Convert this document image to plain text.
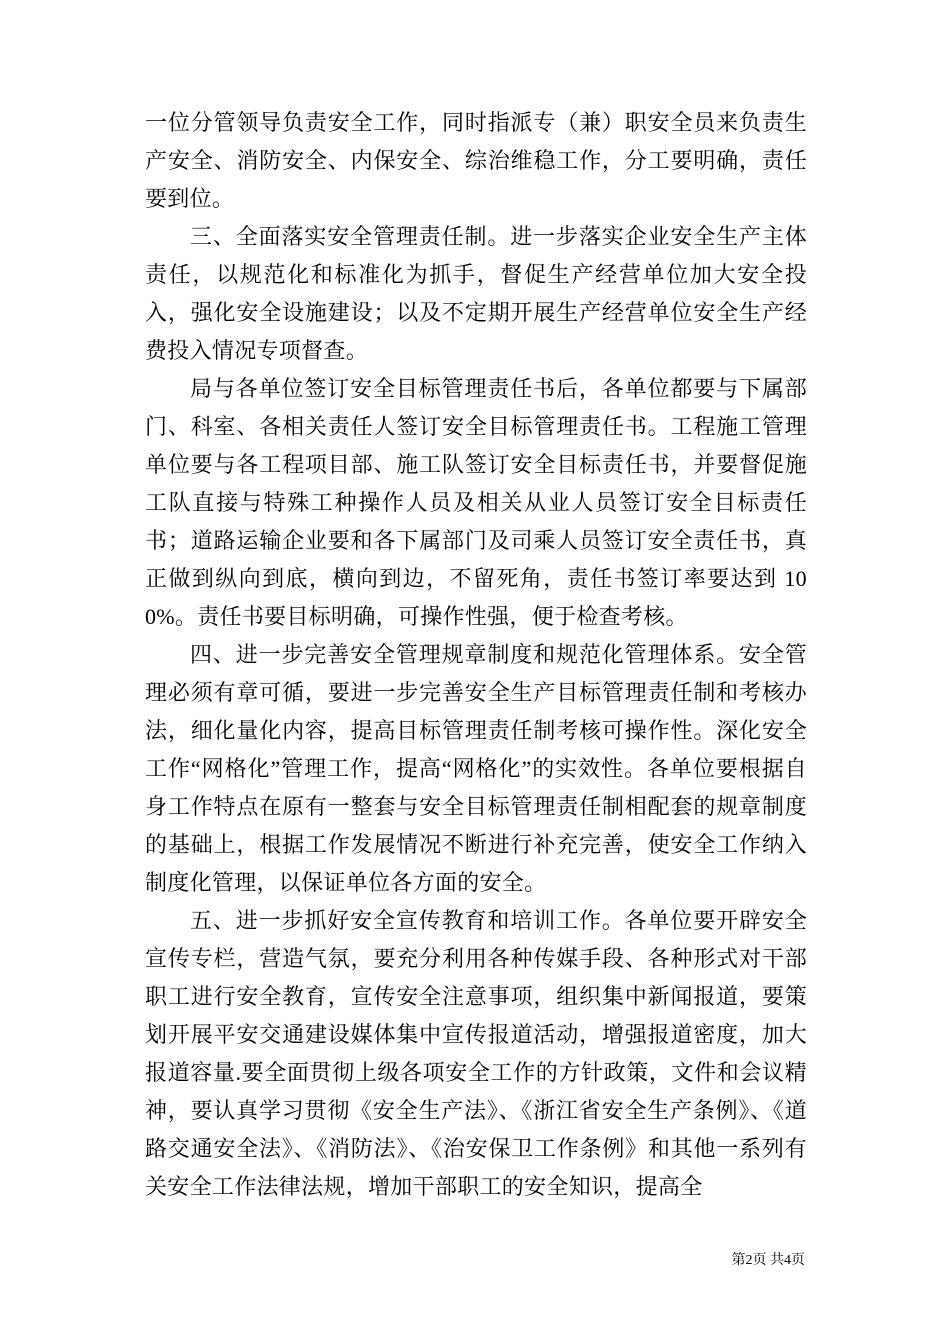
一位分管领导负责安全工作，同时指派专（兼）职安全员来负责生产安全、消防安全、内保安全、综治维稳工作，分工要明确，责任要到位。

三、全面落实安全管理责任制。进一步落实企业安全生产主体责任，以规范化和标准化为抓手，督促生产经营单位加大安全投入，强化安全设施建设；以及不定期开展生产经营单位安全生产经费投入情况专项督查。

局与各单位签订安全目标管理责任书后，各单位都要与下属部门、科室、各相关责任人签订安全目标管理责任书。工程施工管理单位要与各工程项目部、施工队签订安全目标责任书，并要督促施工队直接与特殊工种操作人员及相关从业人员签订安全目标责任书；道路运输企业要和各下属部门及司乘人员签订安全责任书，真正做到纵向到底，横向到边，不留死角，责任书签订率要达到 100%。责任书要目标明确，可操作性强，便于检查考核。

四、进一步完善安全管理规章制度和规范化管理体系。安全管理必须有章可循，要进一步完善安全生产目标管理责任制和考核办法，细化量化内容，提高目标管理责任制考核可操作性。深化安全工作“网格化”管理工作，提高“网格化”的实效性。各单位要根据自身工作特点在原有一整套与安全目标管理责任制相配套的规章制度的基础上，根据工作发展情况不断进行补充完善，使安全工作纳入制度化管理，以保证单位各方面的安全。

五、进一步抓好安全宣传教育和培训工作。各单位要开辟安全宣传专栏，营造气氛，要充分利用各种传媒手段、各种形式对干部职工进行安全教育，宣传安全注意事项，组织集中新闻报道，要策划开展平安交通建设媒体集中宣传报道活动，增强报道密度，加大报道容量.要全面贯彻上级各项安全工作的方针政策，文件和会议精神，要认真学习贯彻《安全生产法》、《浙江省安全生产条例》、《道路交通安全法》、《消防法》、《治安保卫工作条例》和其他一系列有关安全工作法律法规，增加干部职工的安全知识，提高全

第2页 共4页
